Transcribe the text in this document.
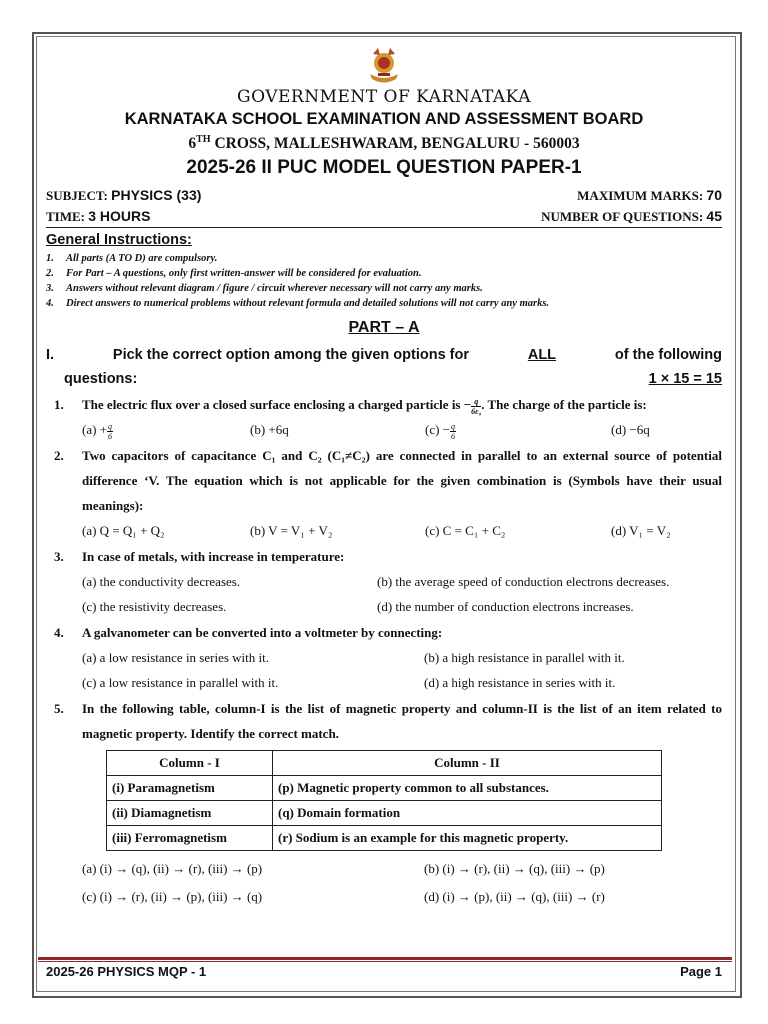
GOVERNMENT OF KARNATAKA
KARNATAKA SCHOOL EXAMINATION AND ASSESSMENT BOARD
6TH CROSS, MALLESHWARAM, BENGALURU - 560003
2025-26 II PUC MODEL QUESTION PAPER-1
SUBJECT: PHYSICS (33)	MAXIMUM MARKS: 70
TIME: 3 HOURS	NUMBER OF QUESTIONS: 45
General Instructions:
1.	All parts (A TO D) are compulsory.
2.	For Part – A questions, only first written-answer will be considered for evaluation.
3.	Answers without relevant diagram / figure / circuit wherever necessary will not carry any marks.
4.	Direct answers to numerical problems without relevant formula and detailed solutions will not carry any marks.
PART – A
I.	Pick the correct option among the given options for	ALL	of the following
questions:	1 × 15 = 15
1.	The electric flux over a closed surface enclosing a charged particle is − $\frac{q}{\text{6ε₀}}$ . The charge of the particle is:
$(a) + \frac{q}{6}$	(b) +6q	$(c) - \frac{q}{6}$	(d) −6q
2.	Two capacitors of capacitance C₁ and C₂ (C₁≠C₂) are connected in parallel to an external source of potential difference ‘V. The equation which is not applicable for the given combination is (Symbols have their usual meanings):
(a) Q = Q₁ + Q₂	(b) V = V₁ + V₂	(c) C = C₁ + C₂	(d) V₁ = V₂
3.	In case of metals, with increase in temperature:
(a) the conductivity decreases.	(b) the average speed of conduction electrons decreases.
(c) the resistivity decreases.	(d) the number of conduction electrons increases.
4.	A galvanometer can be converted into a voltmeter by connecting:
(a) a low resistance in series with it.	(b) a high resistance in parallel with it.
(c) a low resistance in parallel with it.	(d) a high resistance in series with it.
5.	In the following table, column-I is the list of magnetic property and column-II is the list of an item related to magnetic property. Identify the correct match.
Column - I	Column - II
(i) Paramagnetism	(p) Magnetic property common to all substances.
(ii) Diamagnetism	(q) Domain formation
(iii) Ferromagnetism	(r) Sodium is an example for this magnetic property.
(a) (i) → (q), (ii) → (r), (iii) → (p)	(b) (i) → (r), (ii) → (q), (iii) → (p)
(c) (i) → (r), (ii) → (p), (iii) → (q)	(d) (i) → (p), (ii) → (q), (iii) → (r)
2025-26 PHYSICS MQP - 1	Page 1
